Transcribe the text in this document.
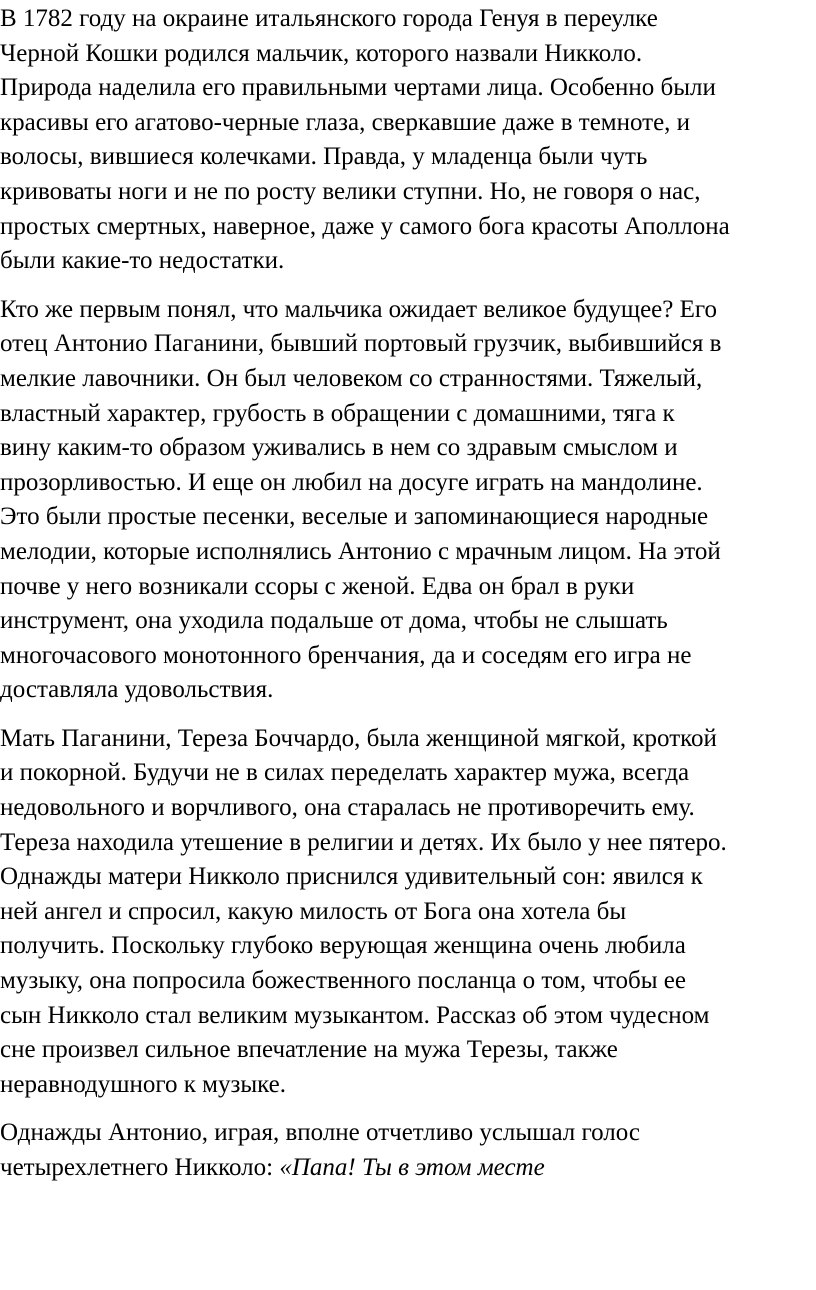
В 1782 году на окраине итальянского города Генуя в переулке
Черной Кошки родился мальчик, которого назвали Никколо.
Природа наделила его правильными чертами лица. Особенно были
красивы его агатово-черные глаза, сверкавшие даже в темноте, и
волосы, вившиеся колечками. Правда, у младенца были чуть
кривоваты ноги и не по росту велики ступни. Но, не говоря о нас,
простых смертных, наверное, даже у самого бога красоты Аполлона
были какие-то недостатки.

Кто же первым понял, что мальчика ожидает великое будущее? Его
отец Антонио Паганини, бывший портовый грузчик, выбившийся в
мелкие лавочники. Он был человеком со странностями. Тяжелый,
властный характер, грубость в обращении с домашними, тяга к
вину каким-то образом уживались в нем со здравым смыслом и
прозорливостью. И еще он любил на досуге играть на мандолине.
Это были простые песенки, веселые и запоминающиеся народные
мелодии, которые исполнялись Антонио с мрачным лицом. На этой
почве у него возникали ссоры с женой. Едва он брал в руки
инструмент, она уходила подальше от дома, чтобы не слышать
многочасового монотонного бренчания, да и соседям его игра не
доставляла удовольствия.

Мать Паганини, Тереза Боччардо, была женщиной мягкой, кроткой
и покорной. Будучи не в силах переделать характер мужа, всегда
недовольного и ворчливого, она старалась не противоречить ему.
Тереза находила утешение в религии и детях. Их было у нее пятеро.
Однажды матери Никколо приснился удивительный сон: явился к
ней ангел и спросил, какую милость от Бога она хотела бы
получить. Поскольку глубоко верующая женщина очень любила
музыку, она попросила божественного посланца о том, чтобы ее
сын Никколо стал великим музыкантом. Рассказ об этом чудесном
сне произвел сильное впечатление на мужа Терезы, также
неравнодушного к музыке.

Однажды Антонио, играя, вполне отчетливо услышал голос
четырехлетнего Никколо: «Папа! Ты в этом месте
